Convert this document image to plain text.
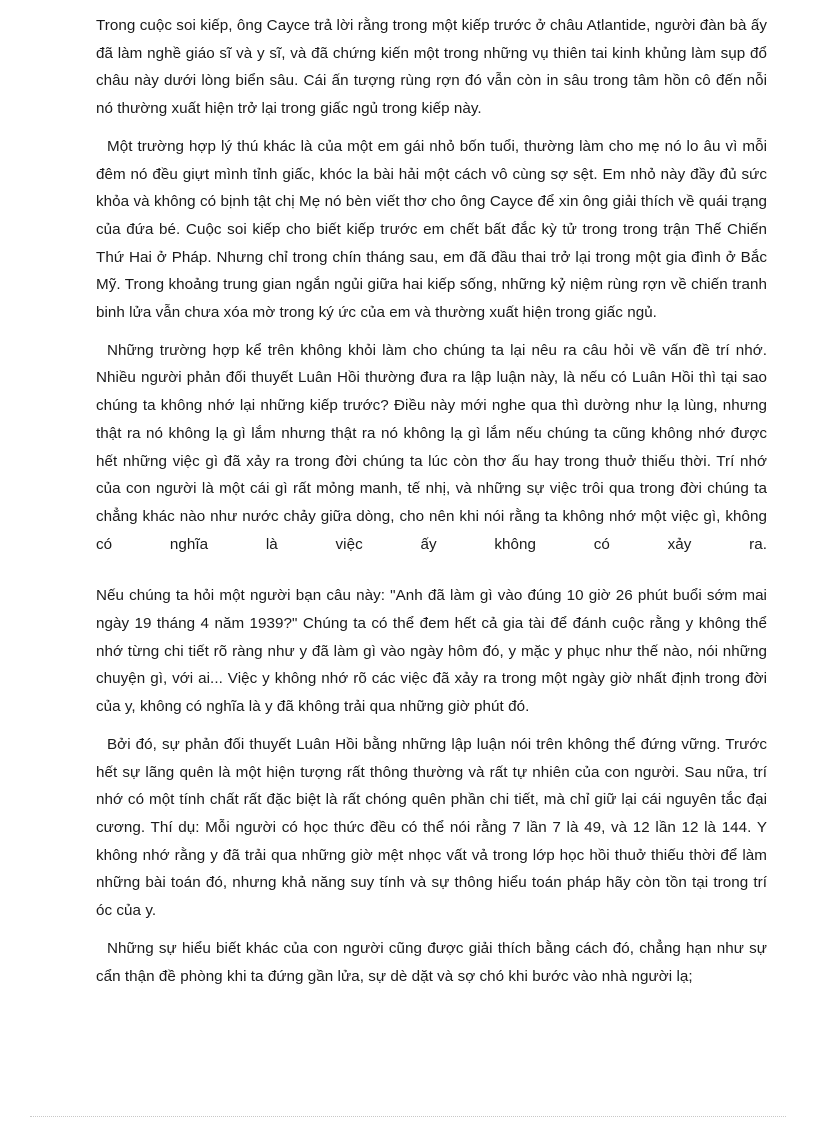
Trong cuộc soi kiếp, ông Cayce trả lời rằng trong một kiếp trước ở châu Atlantide, người đàn bà ấy đã làm nghề giáo sĩ và y sĩ, và đã chứng kiến một trong những vụ thiên tai kinh khủng làm sụp đổ châu này dưới lòng biển sâu. Cái ấn tượng rùng rợn đó vẫn còn in sâu trong tâm hồn cô đến nỗi nó thường xuất hiện trở lại trong giấc ngủ trong kiếp này.

Một trường hợp lý thú khác là của một em gái nhỏ bốn tuổi, thường làm cho mẹ nó lo âu vì mỗi đêm nó đều giựt mình tỉnh giấc, khóc la bài hải một cách vô cùng sợ sệt. Em nhỏ này đầy đủ sức khỏa và không có bịnh tật chị Mẹ nó bèn viết thơ cho ông Cayce để xin ông giải thích về quái trạng của đứa bé. Cuộc soi kiếp cho biết kiếp trước em chết bất đắc kỳ tử trong trong trận Thế Chiến Thứ Hai ở Pháp. Nhưng chỉ trong chín tháng sau, em đã đầu thai trở lại trong một gia đình ở Bắc Mỹ. Trong khoảng trung gian ngắn ngủi giữa hai kiếp sống, những kỷ niệm rùng rợn về chiến tranh binh lửa vẫn chưa xóa mờ trong ký ức của em và thường xuất hiện trong giấc ngủ.

Những trường hợp kể trên không khỏi làm cho chúng ta lại nêu ra câu hỏi về vấn đề trí nhớ. Nhiều người phản đối thuyết Luân Hồi thường đưa ra lập luận này, là nếu có Luân Hồi thì tại sao chúng ta không nhớ lại những kiếp trước? Điều này mới nghe qua thì dường như lạ lùng, nhưng thật ra nó không lạ gì lắm nhưng thật ra nó không lạ gì lắm nếu chúng ta cũng không nhớ được hết những việc gì đã xảy ra trong đời chúng ta lúc còn thơ ấu hay trong thuở thiếu thời. Trí nhớ của con người là một cái gì rất mỏng manh, tế nhị, và những sự việc trôi qua trong đời chúng ta chẳng khác nào như nước chảy giữa dòng, cho nên khi nói rằng ta không nhớ một việc gì, không có nghĩa là việc ấy không có xảy ra.

Nếu chúng ta hỏi một người bạn câu này: "Anh đã làm gì vào đúng 10 giờ 26 phút buổi sớm mai ngày 19 tháng 4 năm 1939?" Chúng ta có thể đem hết cả gia tài để đánh cuộc rằng y không thể nhớ từng chi tiết rõ ràng như y đã làm gì vào ngày hôm đó, y mặc y phục như thế nào, nói những chuyện gì, với ai... Việc y không nhớ rõ các việc đã xảy ra trong một ngày giờ nhất định trong đời của y, không có nghĩa là y đã không trải qua những giờ phút đó.

Bởi đó, sự phản đối thuyết Luân Hồi bằng những lập luận nói trên không thể đứng vững. Trước hết sự lãng quên là một hiện tượng rất thông thường và rất tự nhiên của con người. Sau nữa, trí nhớ có một tính chất rất đặc biệt là rất chóng quên phần chi tiết, mà chỉ giữ lại cái nguyên tắc đại cương. Thí dụ: Mỗi người có học thức đều có thể nói rằng 7 lần 7 là 49, và 12 lần 12 là 144. Y không nhớ rằng y đã trải qua những giờ mệt nhọc vất vả trong lớp học hồi thuở thiếu thời để làm những bài toán đó, nhưng khả năng suy tính và sự thông hiểu toán pháp hãy còn tồn tại trong trí óc của y.

Những sự hiểu biết khác của con người cũng được giải thích bằng cách đó, chẳng hạn như sự cẩn thận đề phòng khi ta đứng gần lửa, sự dè dặt và sợ chó khi bước vào nhà người lạ;
